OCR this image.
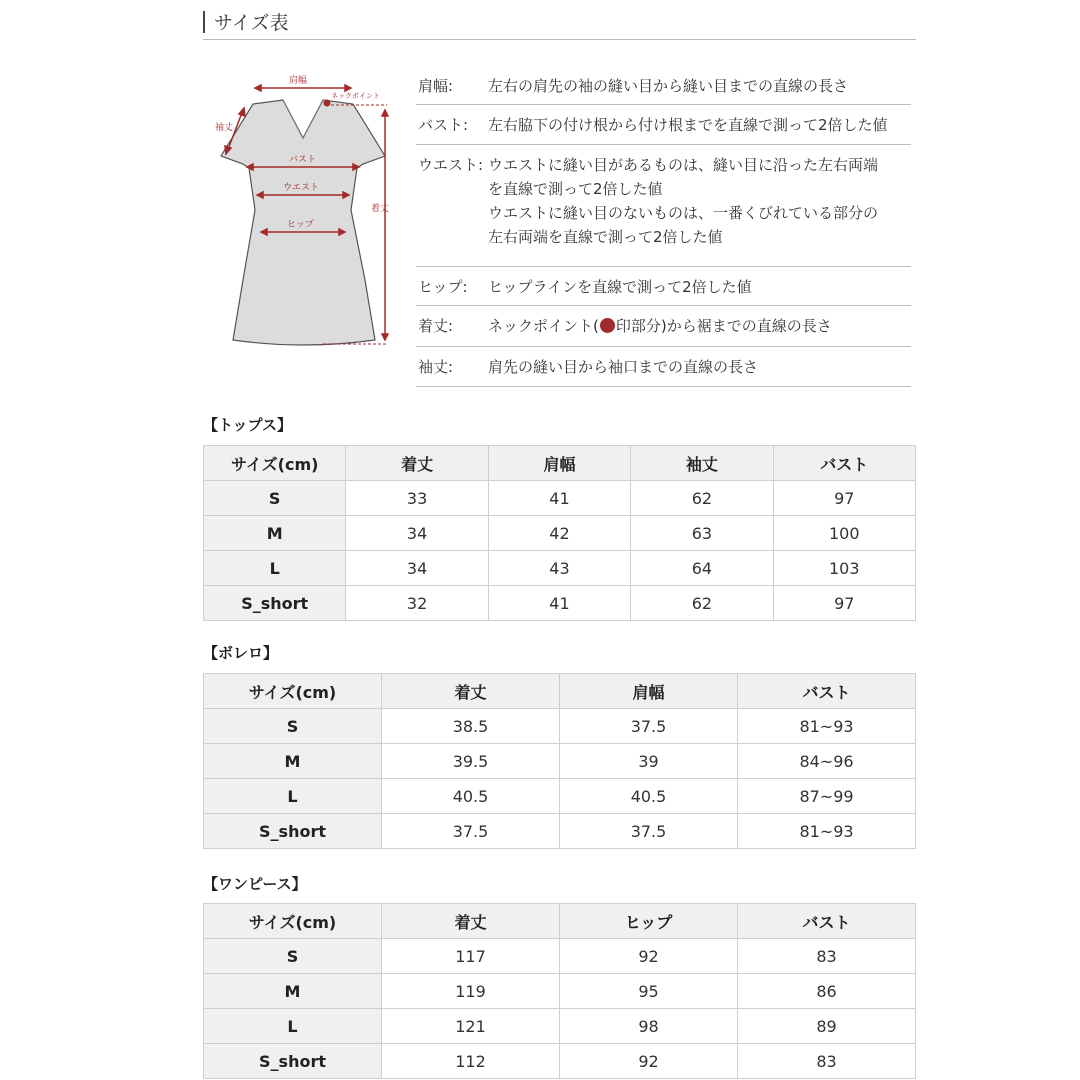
サイズ表
肩幅
ネックポイント
袖丈
バスト
ウエスト
ヒップ
着丈
肩幅: 左右の肩先の袖の縫い目から縫い目までの直線の長さ
バスト: 左右脇下の付け根から付け根までを直線で測って2倍した値
ウエスト: ウエストに縫い目があるものは、縫い目に沿った左右両端
を直線で測って2倍した値
ウエストに縫い目のないものは、一番くびれている部分の
左右両端を直線で測って2倍した値
ヒップ: ヒップラインを直線で測って2倍した値
着丈: ネックポイント( 印部分)から裾までの直線の長さ
袖丈: 肩先の縫い目から袖口までの直線の長さ
【トップス】
サイズ(cm)	着丈	肩幅	袖丈	バスト
S	33	41	62	97
M	34	42	63	100
L	34	43	64	103
S_short	32	41	62	97
【ボレロ】
サイズ(cm)	着丈	肩幅	バスト
S	38.5	37.5	81~93
M	39.5	39	84~96
L	40.5	40.5	87~99
S_short	37.5	37.5	81~93
【ワンピース】
サイズ(cm)	着丈	ヒップ	バスト
S	117	92	83
M	119	95	86
L	121	98	89
S_short	112	92	83
